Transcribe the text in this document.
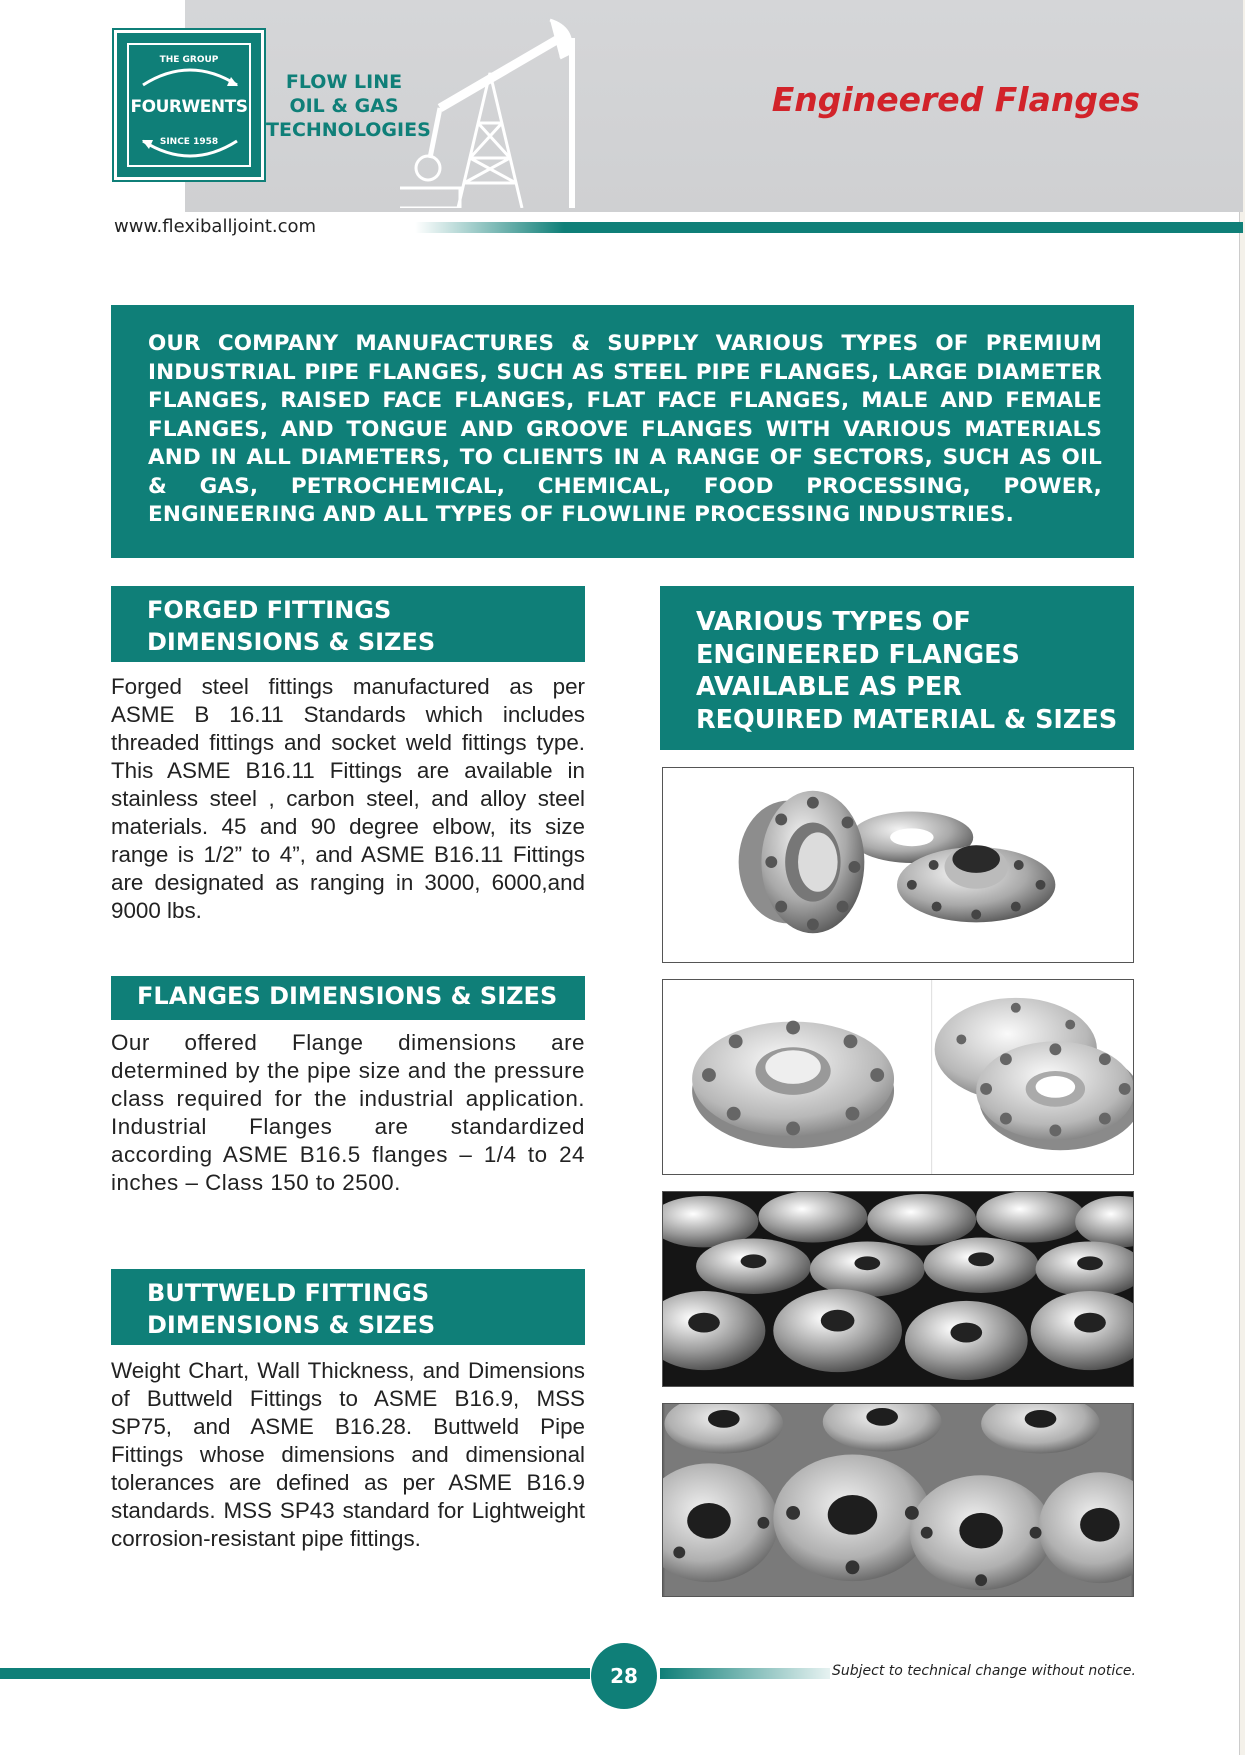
THE GROUP
FOURWENTS
SINCE 1958
FLOW LINE
OIL & GAS
TECHNOLOGIES
Engineered Flanges
www.flexiballjoint.com

OUR COMPANY MANUFACTURES & SUPPLY VARIOUS TYPES OF PREMIUM INDUSTRIAL PIPE FLANGES, SUCH AS STEEL PIPE FLANGES, LARGE DIAMETER FLANGES, RAISED FACE FLANGES, FLAT FACE FLANGES, MALE AND FEMALE FLANGES, AND TONGUE AND GROOVE FLANGES WITH VARIOUS MATERIALS AND IN ALL DIAMETERS, TO CLIENTS IN A RANGE OF SECTORS, SUCH AS OIL & GAS, PETROCHEMICAL, CHEMICAL, FOOD PROCESSING, POWER, ENGINEERING AND ALL TYPES OF FLOWLINE PROCESSING INDUSTRIES.

FORGED FITTINGS
DIMENSIONS & SIZES
Forged steel fittings manufactured as per ASME B 16.11 Standards which includes threaded fittings and socket weld fittings type. This ASME B16.11 Fittings are available in stainless steel , carbon steel, and alloy steel materials. 45 and 90 degree elbow, its size range is 1/2” to 4”, and ASME B16.11 Fittings are designated as ranging in 3000, 6000,and 9000 lbs.
FLANGES DIMENSIONS & SIZES
Our offered Flange dimensions are determined by the pipe size and the pressure class required for the industrial application. Industrial Flanges are standardized according ASME B16.5 flanges – 1/4 to 24 inches – Class 150 to 2500.
BUTTWELD FITTINGS
DIMENSIONS & SIZES
Weight Chart, Wall Thickness, and Dimensions of Buttweld Fittings to ASME B16.9, MSS SP75, and ASME B16.28. Buttweld Pipe Fittings whose dimensions and dimensional tolerances are defined as per ASME B16.9 standards. MSS SP43 standard for Lightweight corrosion-resistant pipe fittings.
VARIOUS TYPES OF
ENGINEERED FLANGES
AVAILABLE AS PER
REQUIRED MATERIAL & SIZES
28	Subject to technical change without notice.
